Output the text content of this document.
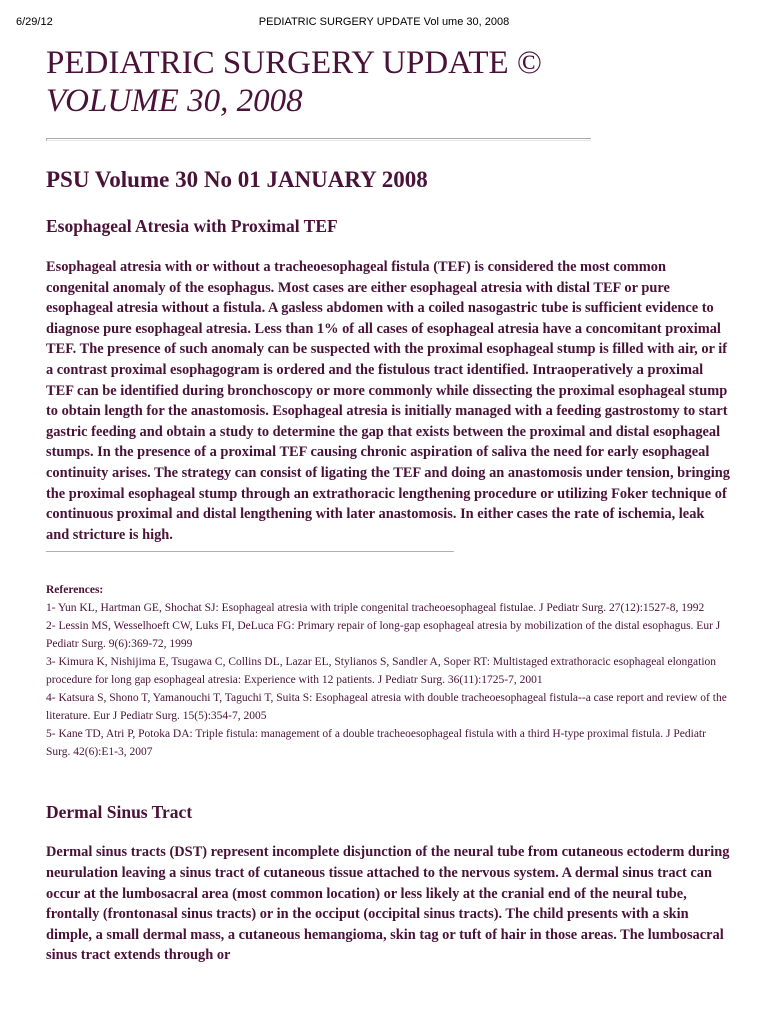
6/29/12	PEDIATRIC SURGERY UPDATE Vol ume 30, 2008
PEDIATRIC SURGERY UPDATE ©
VOLUME 30, 2008
PSU Volume 30 No 01 JANUARY 2008
Esophageal Atresia with Proximal TEF

Esophageal atresia with or without a tracheoesophageal fistula (TEF) is considered the most common congenital anomaly of the esophagus. Most cases are either esophageal atresia with distal TEF or pure esophageal atresia without a fistula. A gasless abdomen with a coiled nasogastric tube is sufficient evidence to diagnose pure esophageal atresia. Less than 1% of all cases of esophageal atresia have a concomitant proximal TEF. The presence of such anomaly can be suspected with the proximal esophageal stump is filled with air, or if a contrast proximal esophagogram is ordered and the fistulous tract identified. Intraoperatively a proximal TEF can be identified during bronchoscopy or more commonly while dissecting the proximal esophageal stump to obtain length for the anastomosis. Esophageal atresia is initially managed with a feeding gastrostomy to start gastric feeding and obtain a study to determine the gap that exists between the proximal and distal esophageal stumps. In the presence of a proximal TEF causing chronic aspiration of saliva the need for early esophageal continuity arises. The strategy can consist of ligating the TEF and doing an anastomosis under tension, bringing the proximal esophageal stump through an extrathoracic lengthening procedure or utilizing Foker technique of continuous proximal and distal lengthening with later anastomosis. In either cases the rate of ischemia, leak and stricture is high.

References:
1- Yun KL, Hartman GE, Shochat SJ: Esophageal atresia with triple congenital tracheoesophageal fistulae. J Pediatr Surg. 27(12):1527-8, 1992
2- Lessin MS, Wesselhoeft CW, Luks FI, DeLuca FG: Primary repair of long-gap esophageal atresia by mobilization of the distal esophagus. Eur J Pediatr Surg. 9(6):369-72, 1999
3- Kimura K, Nishijima E, Tsugawa C, Collins DL, Lazar EL, Stylianos S, Sandler A, Soper RT: Multistaged extrathoracic esophageal elongation procedure for long gap esophageal atresia: Experience with 12 patients. J Pediatr Surg. 36(11):1725-7, 2001
4- Katsura S, Shono T, Yamanouchi T, Taguchi T, Suita S: Esophageal atresia with double tracheoesophageal fistula--a case report and review of the literature. Eur J Pediatr Surg. 15(5):354-7, 2005
5- Kane TD, Atri P, Potoka DA: Triple fistula: management of a double tracheoesophageal fistula with a third H-type proximal fistula. J Pediatr Surg. 42(6):E1-3, 2007
Dermal Sinus Tract

Dermal sinus tracts (DST) represent incomplete disjunction of the neural tube from cutaneous ectoderm during neurulation leaving a sinus tract of cutaneous tissue attached to the nervous system. A dermal sinus tract can occur at the lumbosacral area (most common location) or less likely at the cranial end of the neural tube, frontally (frontonasal sinus tracts) or in the occiput (occipital sinus tracts). The child presents with a skin dimple, a small dermal mass, a cutaneous hemangioma, skin tag or tuft of hair in those areas. The lumbosacral sinus tract extends through or
